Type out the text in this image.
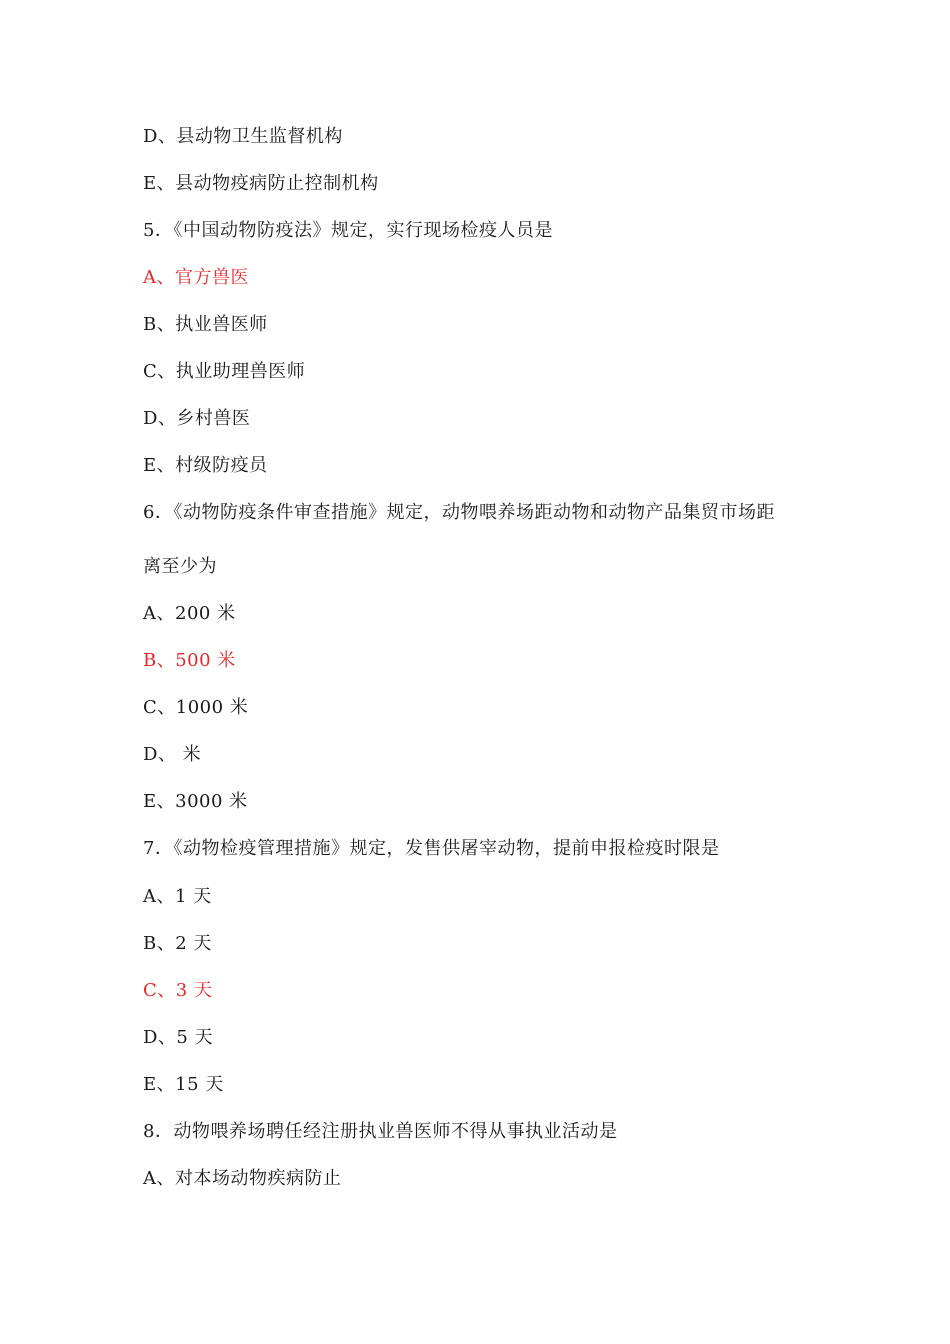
D、县动物卫生监督机构
E、县动物疫病防止控制机构
5．《中国动物防疫法》规定，实行现场检疫人员是
A、官方兽医
B、执业兽医师
C、执业助理兽医师
D、乡村兽医
E、村级防疫员
6．《动物防疫条件审查措施》规定，动物喂养场距动物和动物产品集贸市场距
离至少为
A、200 米
B、500 米
C、1000 米
D、 米
E、3000 米
7．《动物检疫管理措施》规定，发售供屠宰动物，提前申报检疫时限是
A、1 天
B、2 天
C、3 天
D、5 天
E、15 天
8．动物喂养场聘任经注册执业兽医师不得从事执业活动是
A、对本场动物疾病防止
